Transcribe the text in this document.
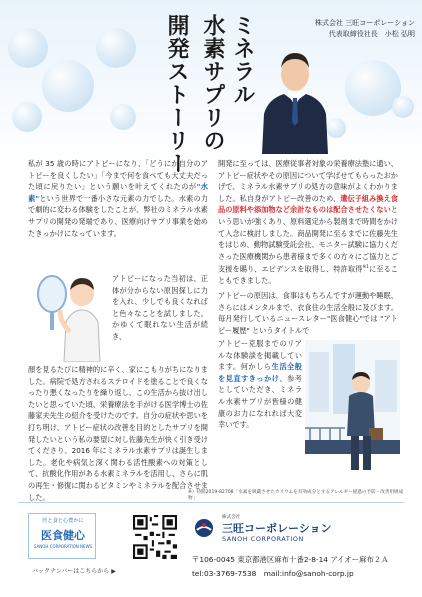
ミネラル
水素サプリの
開発ストーリー	株式会社 三旺コーポレーション
代表取締役社長　小松 弘明
私が 35 歳の時にアトピーになり、「どうにか自分のアトピーを良くしたい」「今まで何を食べても大丈夫だった頃に戻りたい」という願いを叶えてくれたのが"水素"という世界で一番小さな元素の力でした。水素の力で劇的に変わる体験をしたことが、弊社のミネラル水素サプリの開発の発端であり、医療向けサプリ事業を始めたきっかけになっています。
アトピーになった当初は、正体が分からない原因探しに力を入れ、少しでも良くなればと色々なことを試しました。かゆくて眠れない生活が続き、
顔を見るたびに精神的に辛く、家にこもりがちになりました。病院で処方されるステロイドを塗ることで良くなったり悪くなったりを繰り返し、この生活から抜け出したいと思っていた頃、栄養療法を手がける医学博士の佐藤家夫先生の紹介を受けたのです。自分の症状や思いを打ち明け、アトピー症状の改善を目的としたサプリを開発したいという私の要望に対し佐藤先生が快く引き受けてくださり、2016 年にミネラル水素サプリは誕生しました。老化や病気と深く関わる活性酸素への対策として、抗酸化作用がある水素ミネラルを活用し、さらに肌の再生・修復に関わるビタミンやミネラルを配合させました。
開発に至っては、医療従事者対象の栄養療法塾に通い、アトピー症状やその原因について学ばせてもらったおかげで、ミネラル水素サプリの処方の意味がよくわかりました。私自身がアトピー改善のため、遺伝子組み換え食品の原料や添加物など余計なものは配合させたくないという思いが強くあり、原料選定から製剤まで時間をかけて入念に検討しました。商品開発に至るまでに佐藤先生をはじめ、動物試験受託会社、モニター試験に協力くださった医療機関から患者様まで多くの方々にご協力とご支援を賜り、エビデンスを取得し、特許取得$^{※1}$に至ることもできました。
アトピーの原因は、食事はもちろんですが運動や睡眠、さらにはメンタルまで、衣食住の生活全般に及びます。毎月発行しているニュースレター"医食健心"では "アトピー履歴" というタイトルで
アトピー克服までのリアルな体験談を掲載しています。何かしら生活全般を見直すきっかけ、参考としていただき、ミネラル水素サプリが皆様の健康のお力になれれば大変幸いです。
※）特開2019-82708「水素を吸蔵させたカリウムを有効成分とするアレルギー経過の予防・改善用組成物」
医と食と心豊かに
医食健心
SANOH CORPORATION NEWS
バックナンバーはこちらから ▶
株式会社
三旺コーポレーション
SANOH CORPORATION
〒106-0045 東京都港区麻布十番2-8-14 アイオー麻布２Ａ
tel:03-3769-7538　mail:info@sanoh-corp.jp
